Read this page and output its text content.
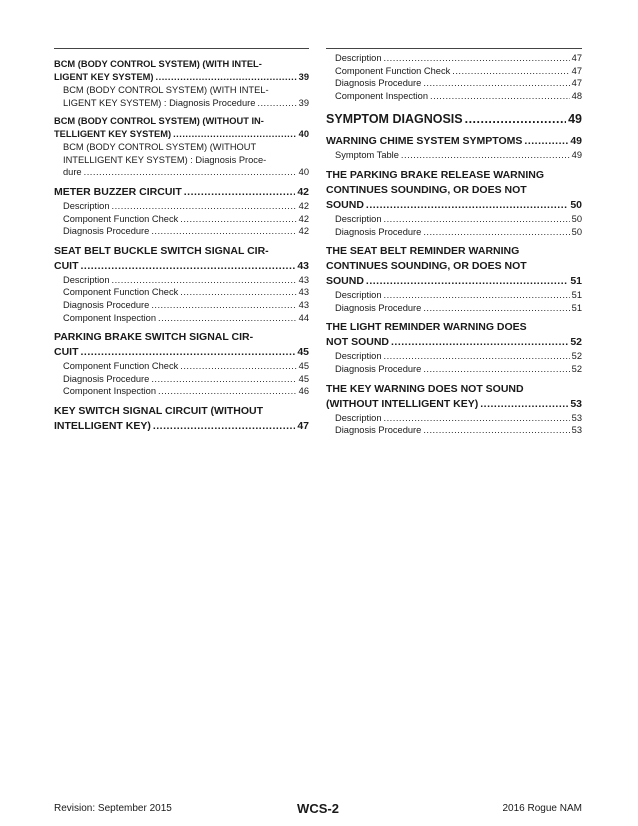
BCM (BODY CONTROL SYSTEM) (WITH INTEL-
LIGENT KEY SYSTEM) .....	39
BCM (BODY CONTROL SYSTEM) (WITH INTEL-
LIGENT KEY SYSTEM) : Diagnosis Procedure .....	39
BCM (BODY CONTROL SYSTEM) (WITHOUT IN-
TELLIGENT KEY SYSTEM) .....	40
BCM (BODY CONTROL SYSTEM) (WITHOUT
INTELLIGENT KEY SYSTEM) : Diagnosis Proce-
dure .....	40
METER BUZZER CIRCUIT .....	42
Description .....	42
Component Function Check .....	42
Diagnosis Procedure .....	42
SEAT BELT BUCKLE SWITCH SIGNAL CIR-
CUIT .....	43
Description .....	43
Component Function Check .....	43
Diagnosis Procedure .....	43
Component Inspection .....	44
PARKING BRAKE SWITCH SIGNAL CIR-
CUIT .....	45
Component Function Check .....	45
Diagnosis Procedure .....	45
Component Inspection .....	46
KEY SWITCH SIGNAL CIRCUIT (WITHOUT
INTELLIGENT KEY) .....	47
Description .....	47
Component Function Check .....	47
Diagnosis Procedure .....	47
Component Inspection .....	48
SYMPTOM DIAGNOSIS .....	49
WARNING CHIME SYSTEM SYMPTOMS .....	49
Symptom Table .....	49
THE PARKING BRAKE RELEASE WARNING
CONTINUES SOUNDING, OR DOES NOT
SOUND .....	50
Description .....	50
Diagnosis Procedure .....	50
THE SEAT BELT REMINDER WARNING
CONTINUES SOUNDING, OR DOES NOT
SOUND .....	51
Description .....	51
Diagnosis Procedure .....	51
THE LIGHT REMINDER WARNING DOES
NOT SOUND .....	52
Description .....	52
Diagnosis Procedure .....	52
THE KEY WARNING DOES NOT SOUND
(WITHOUT INTELLIGENT KEY) .....	53
Description .....	53
Diagnosis Procedure .....	53
Revision: September 2015	WCS-2	2016 Rogue NAM
